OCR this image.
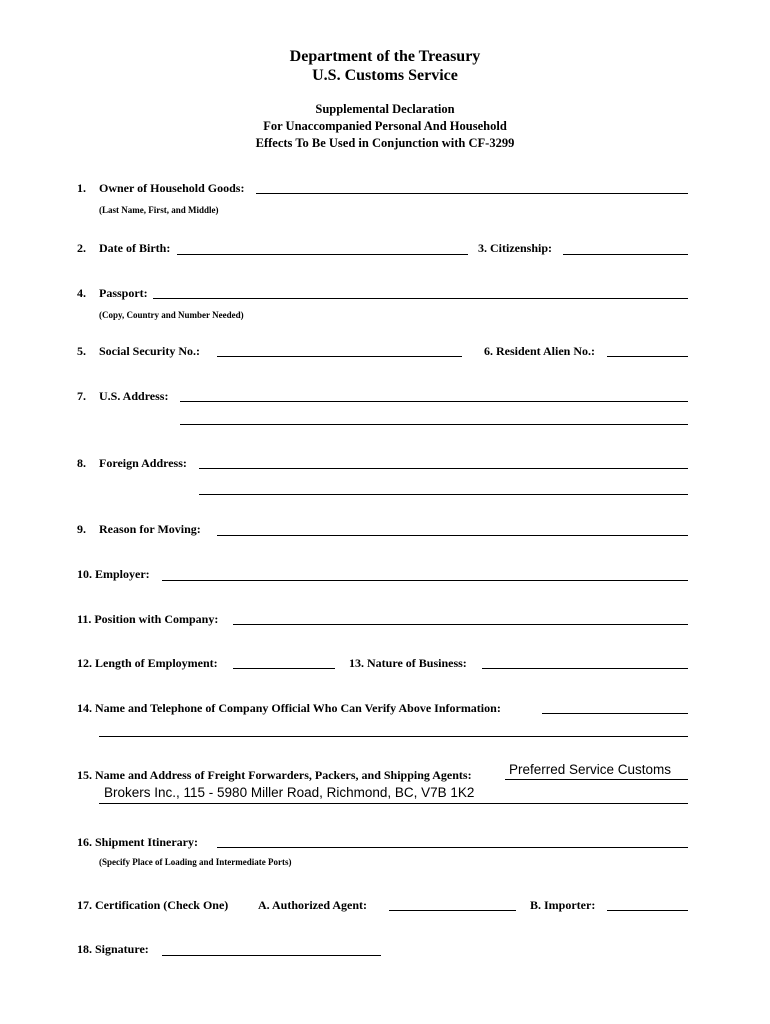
Department of the Treasury
U.S. Customs Service
Supplemental Declaration
For Unaccompanied Personal And Household
Effects To Be Used in Conjunction with CF-3299
1. Owner of Household Goods:
(Last Name, First, and Middle)
2. Date of Birth:	3. Citizenship:
4. Passport:
(Copy, Country and Number Needed)
5. Social Security No.:	6. Resident Alien No.:
7. U.S. Address:
8. Foreign Address:
9. Reason for Moving:
10. Employer:
11. Position with Company:
12. Length of Employment:	13. Nature of Business:
14. Name and Telephone of Company Official Who Can Verify Above Information:
15. Name and Address of Freight Forwarders, Packers, and Shipping Agents:	Preferred Service Customs
Brokers Inc., 115 - 5980 Miller Road, Richmond, BC, V7B 1K2
16. Shipment Itinerary:
(Specify Place of Loading and Intermediate Ports)
17. Certification (Check One) A. Authorized Agent:	B. Importer:
18. Signature:
